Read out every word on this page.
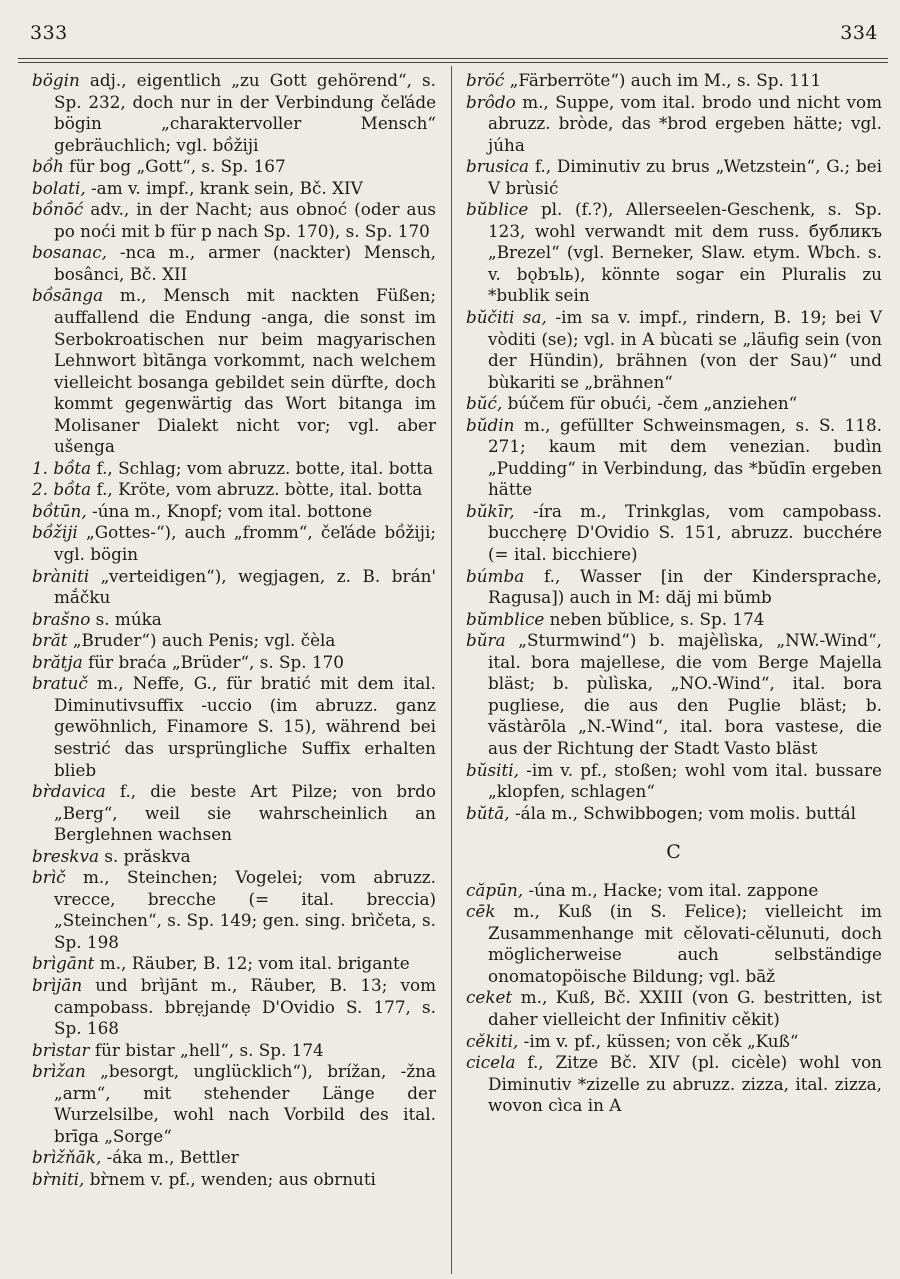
333	334

bögin adj., eigentlich „zu Gott gehörend“, s. Sp. 232, doch nur in der Verbindung čeľáde bögin „charaktervoller Mensch“ gebräuchlich; vgl. bồžiji

bồh für bog „Gott“, s. Sp. 167

bolati, -am v. impf., krank sein, Bč. XIV

bồnōć adv., in der Nacht; aus obnoć (oder aus po noći mit b für p nach Sp. 170), s. Sp. 170

bosanac, -nca m., armer (nackter) Mensch, bosânci, Bč. XII

bồsānga m., Mensch mit nackten Füßen; auffallend die Endung -anga, die sonst im Serbokroatischen nur beim magyarischen Lehnwort bìtānga vorkommt, nach welchem vielleicht bosanga gebildet sein dürfte, doch kommt gegenwärtig das Wort bitanga im Molisaner Dialekt nicht vor; vgl. aber ušenga

1. bồta f., Schlag; vom abruzz. botte, ital. botta

2. bồta f., Kröte, vom abruzz. bòtte, ital. botta

bồtūn, -úna m., Knopf; vom ital. bottone

bồžiji „Gottes-“), auch „fromm“, čeľáde bồžiji; vgl. bögin

bràniti „verteidigen“), wegjagen, z. B. brán' mắčku

brašno s. múka

brăt „Bruder“) auch Penis; vgl. čèla

brătja für braća „Brüder“, s. Sp. 170

bratuč m., Neffe, G., für bratić mit dem ital. Diminutivsuffix -uccio (im abruzz. ganz gewöhnlich, Finamore S. 15), während bei sestrić das ursprüngliche Suffix erhalten blieb

br̀davica f., die beste Art Pilze; von brdo „Berg“, weil sie wahrscheinlich an Berglehnen wachsen

breskva s. prăskva

brìč m., Steinchen; Vogelei; vom abruzz. vrecce, brecche (= ital. breccia) „Steinchen“, s. Sp. 149; gen. sing. brìčeta, s. Sp. 198

brìgānt m., Räuber, B. 12; vom ital. brigante

brìjān und brìjānt m., Räuber, B. 13; vom campobass. bbrẹjandẹ D'Ovidio S. 177, s. Sp. 168

brìstar für bistar „hell“, s. Sp. 174

brìžan „besorgt, unglücklich“), brížan, -žna „arm“, mit stehender Länge der Wurzelsilbe, wohl nach Vorbild des ital. brīga „Sorge“

brìžňāk, -áka m., Bettler

br̀niti, br̀nem v. pf., wenden; aus obrnuti

bröć „Färberröte“) auch im M., s. Sp. 111

brôdo m., Suppe, vom ital. brodo und nicht vom abruzz. bròde, das *brod ergeben hätte; vgl. júha

brusica f., Diminutiv zu brus „Wetzstein“, G.; bei V brùsić

bŭblice pl. (f.?), Allerseelen-Geschenk, s. Sp. 123, wohl verwandt mit dem russ. бубликъ „Brezel“ (vgl. Berneker, Slaw. etym. Wbch. s. v. bǫbъlь), könnte sogar ein Pluralis zu *bublik sein

bŭčiti sa, -im sa v. impf., rindern, B. 19; bei V vòditi (se); vgl. in A bùcati se „läufig sein (von der Hündin), brähnen (von der Sau)“ und bùkariti se „brähnen“

bŭć, búčem für obući, -čem „anziehen“

bŭdin m., gefüllter Schweinsmagen, s. S. 118. 271; kaum mit dem venezian. budìn „Pudding“ in Verbindung, das *bŭdīn ergeben hätte

bŭkīr, -íra m., Trinkglas, vom campobass. bucchẹrẹ D'Ovidio S. 151, abruzz. bucchére (= ital. bicchiere)

búmba f., Wasser [in der Kindersprache, Ragusa]) auch in M: dăj mi bŭmb

bŭmblice neben bŭblice, s. Sp. 174

bŭra „Sturmwind“) b. majèlìska, „NW.-Wind“, ital. bora majellese, die vom Berge Majella bläst; b. pùlìska, „NO.-Wind“, ital. bora pugliese, die aus den Puglie bläst; b. văstàrōla „N.-Wind“, ital. bora vastese, die aus der Richtung der Stadt Vasto bläst

bŭsiti, -im v. pf., stoßen; wohl vom ital. bussare „klopfen, schlagen“

bŭtā, -ála m., Schwibbogen; vom molis. buttál

C

căpūn, -úna m., Hacke; vom ital. zappone

cēk m., Kuß (in S. Felice); vielleicht im Zusammenhange mit cělovati-cělunuti, doch möglicherweise auch selbständige onomatopöische Bildung; vgl. bāž

ceket m., Kuß, Bč. XXIII (von G. bestritten, ist daher vielleicht der Infinitiv cěkit)

cěkiti, -im v. pf., küssen; von cěk „Kuß“

cicela f., Zitze Bč. XIV (pl. cicèle) wohl von Diminutiv *zizelle zu abruzz. zizza, ital. zizza, wovon cìca in A
